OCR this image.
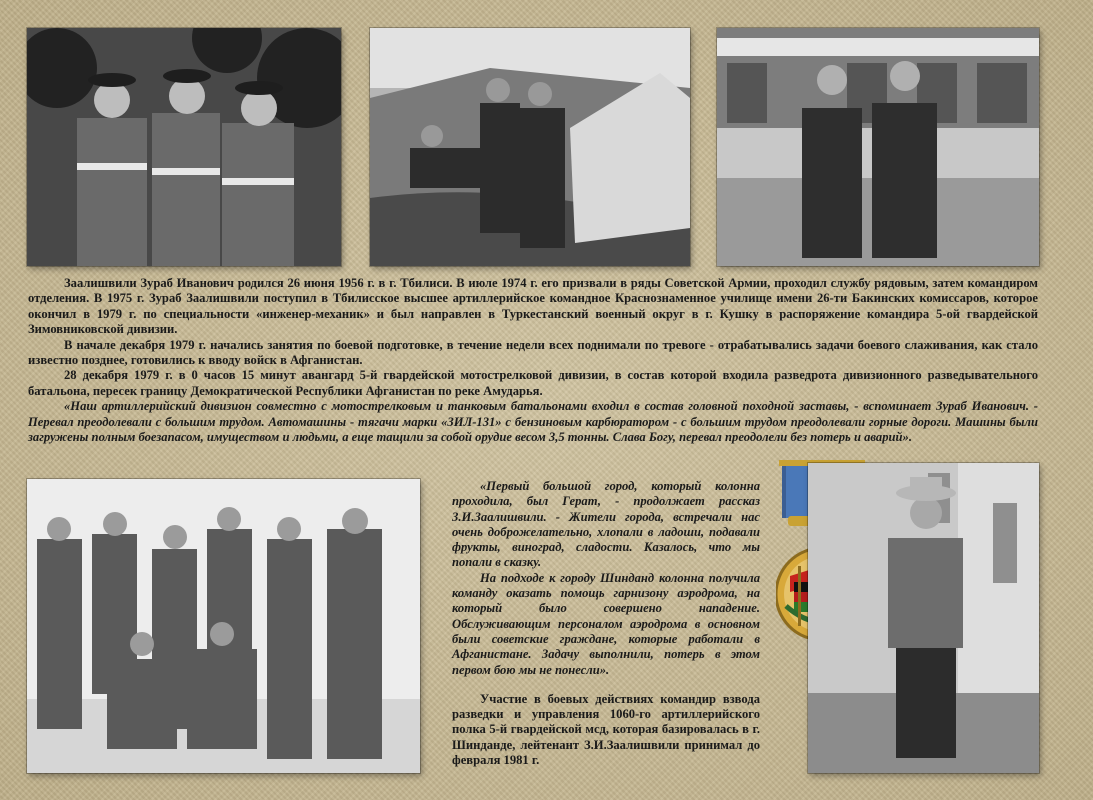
Заалишвили Зураб Иванович родился 26 июня 1956 г. в г. Тбилиси. В июле 1974 г. его призвали в ряды Советской Армии, проходил службу рядовым, затем командиром отделения. В 1975 г. Зураб Заалишвили поступил в Тбилисское высшее артиллерийское командное Краснознаменное училище имени 26-ти Бакинских комиссаров, которое окончил в 1979 г. по специальности «инженер-механик» и был направлен в Туркестанский военный округ в г. Кушку в распоряжение командира 5-ой гвардейской Зимовниковской дивизии.

В начале декабря 1979 г. начались занятия по боевой подготовке, в течение недели всех поднимали по тревоге - отрабатывались задачи боевого слаживания, как стало известно позднее, готовились к вводу войск в Афганистан.

28 декабря 1979 г. в 0 часов 15 минут авангард 5-й гвардейской мотострелковой дивизии, в состав которой входила разведрота дивизионного разведывательного батальона, пересек границу Демократической Республики Афганистан по реке Амударья.

«Наш артиллерийский дивизион совместно с мотострелковым и танковым батальонами входил в состав головной походной заставы, - вспоминает Зураб Иванович. - Перевал преодолевали с большим трудом. Автомашины - тягачи марки «ЗИЛ-131» с бензиновым карбюратором - с большим трудом преодолевали горные дороги. Машины были загружены полным боезапасом, имуществом и людьми, а еще тащили за собой орудие весом 3,5 тонны. Слава Богу, перевал преодолели без потерь и аварий».

«Первый большой город, который колонна проходила, был Герат, - продолжает рассказ З.И.Заалишвили. - Жители города, встречали нас очень доброжелательно, хлопали в ладоши, подавали фрукты, виноград, сладости. Казалось, что мы попали в сказку.

На подходе к городу Шинданд колонна получила команду оказать помощь гарнизону аэродрома, на который было совершено нападение. Обслуживающим персоналом аэродрома в основном были советские граждане, которые работали в Афганистане. Задачу выполнили, потерь в этом первом бою мы не понесли».

Участие в боевых действиях командир взвода разведки и управления 1060-го артиллерийского полка 5-й гвардейской мсд, которая базировалась в г. Шинданде, лейтенант З.И.Заалишвили принимал до февраля 1981 г.
